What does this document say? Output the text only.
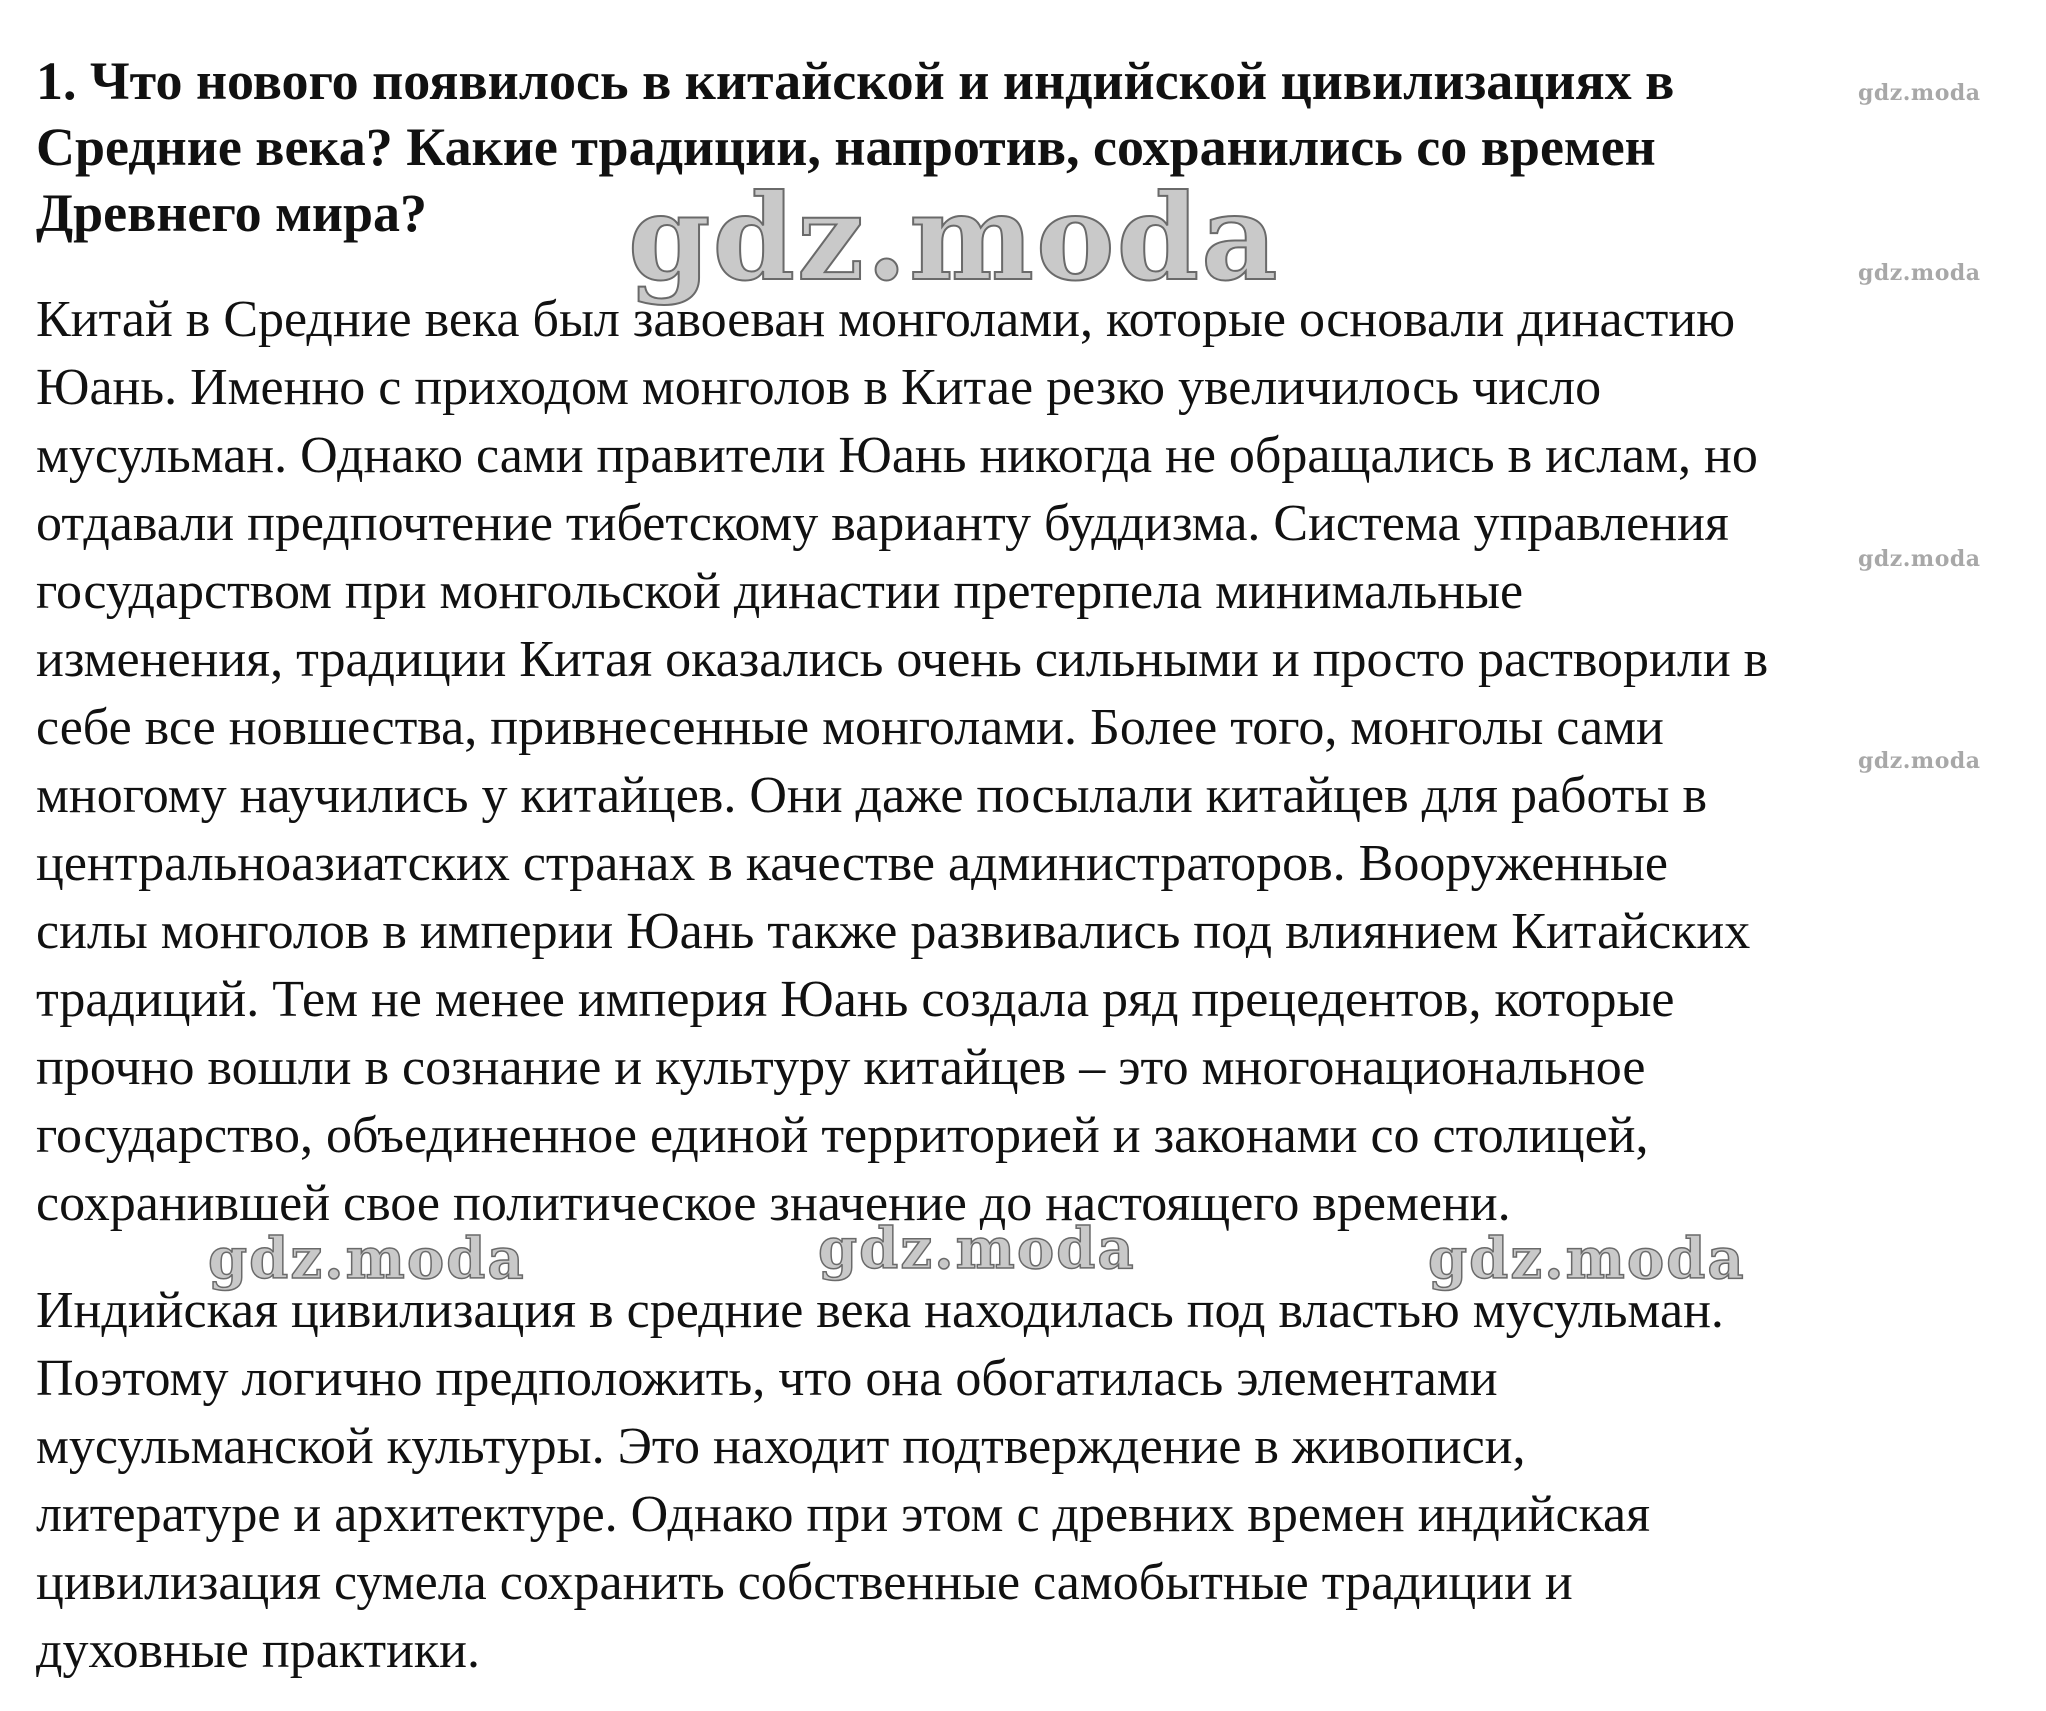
1. Что нового появилось в китайской и индийской цивилизациях в
Средние века? Какие традиции, напротив, сохранились со времен
Древнего мира?

Китай в Средние века был завоеван монголами, которые основали династию
Юань. Именно с приходом монголов в Китае резко увеличилось число
мусульман. Однако сами правители Юань никогда не обращались в ислам, но
отдавали предпочтение тибетскому варианту буддизма. Система управления
государством при монгольской династии претерпела минимальные
изменения, традиции Китая оказались очень сильными и просто растворили в
себе все новшества, привнесенные монголами. Более того, монголы сами
многому научились у китайцев. Они даже посылали китайцев для работы в
центральноазиатских странах в качестве администраторов. Вооруженные
силы монголов в империи Юань также развивались под влиянием Китайских
традиций. Тем не менее империя Юань создала ряд прецедентов, которые
прочно вошли в сознание и культуру китайцев – это многонациональное
государство, объединенное единой территорией и законами со столицей,
сохранившей свое политическое значение до настоящего времени.

Индийская цивилизация в средние века находилась под властью мусульман.
Поэтому логично предположить, что она обогатилась элементами
мусульманской культуры. Это находит подтверждение в живописи,
литературе и архитектуре. Однако при этом с древних времен индийская
цивилизация сумела сохранить собственные самобытные традиции и
духовные практики.

gdz.moda
gdz.moda
gdz.moda
gdz.moda
gdz.moda
gdz.moda	gdz.moda	gdz.moda
